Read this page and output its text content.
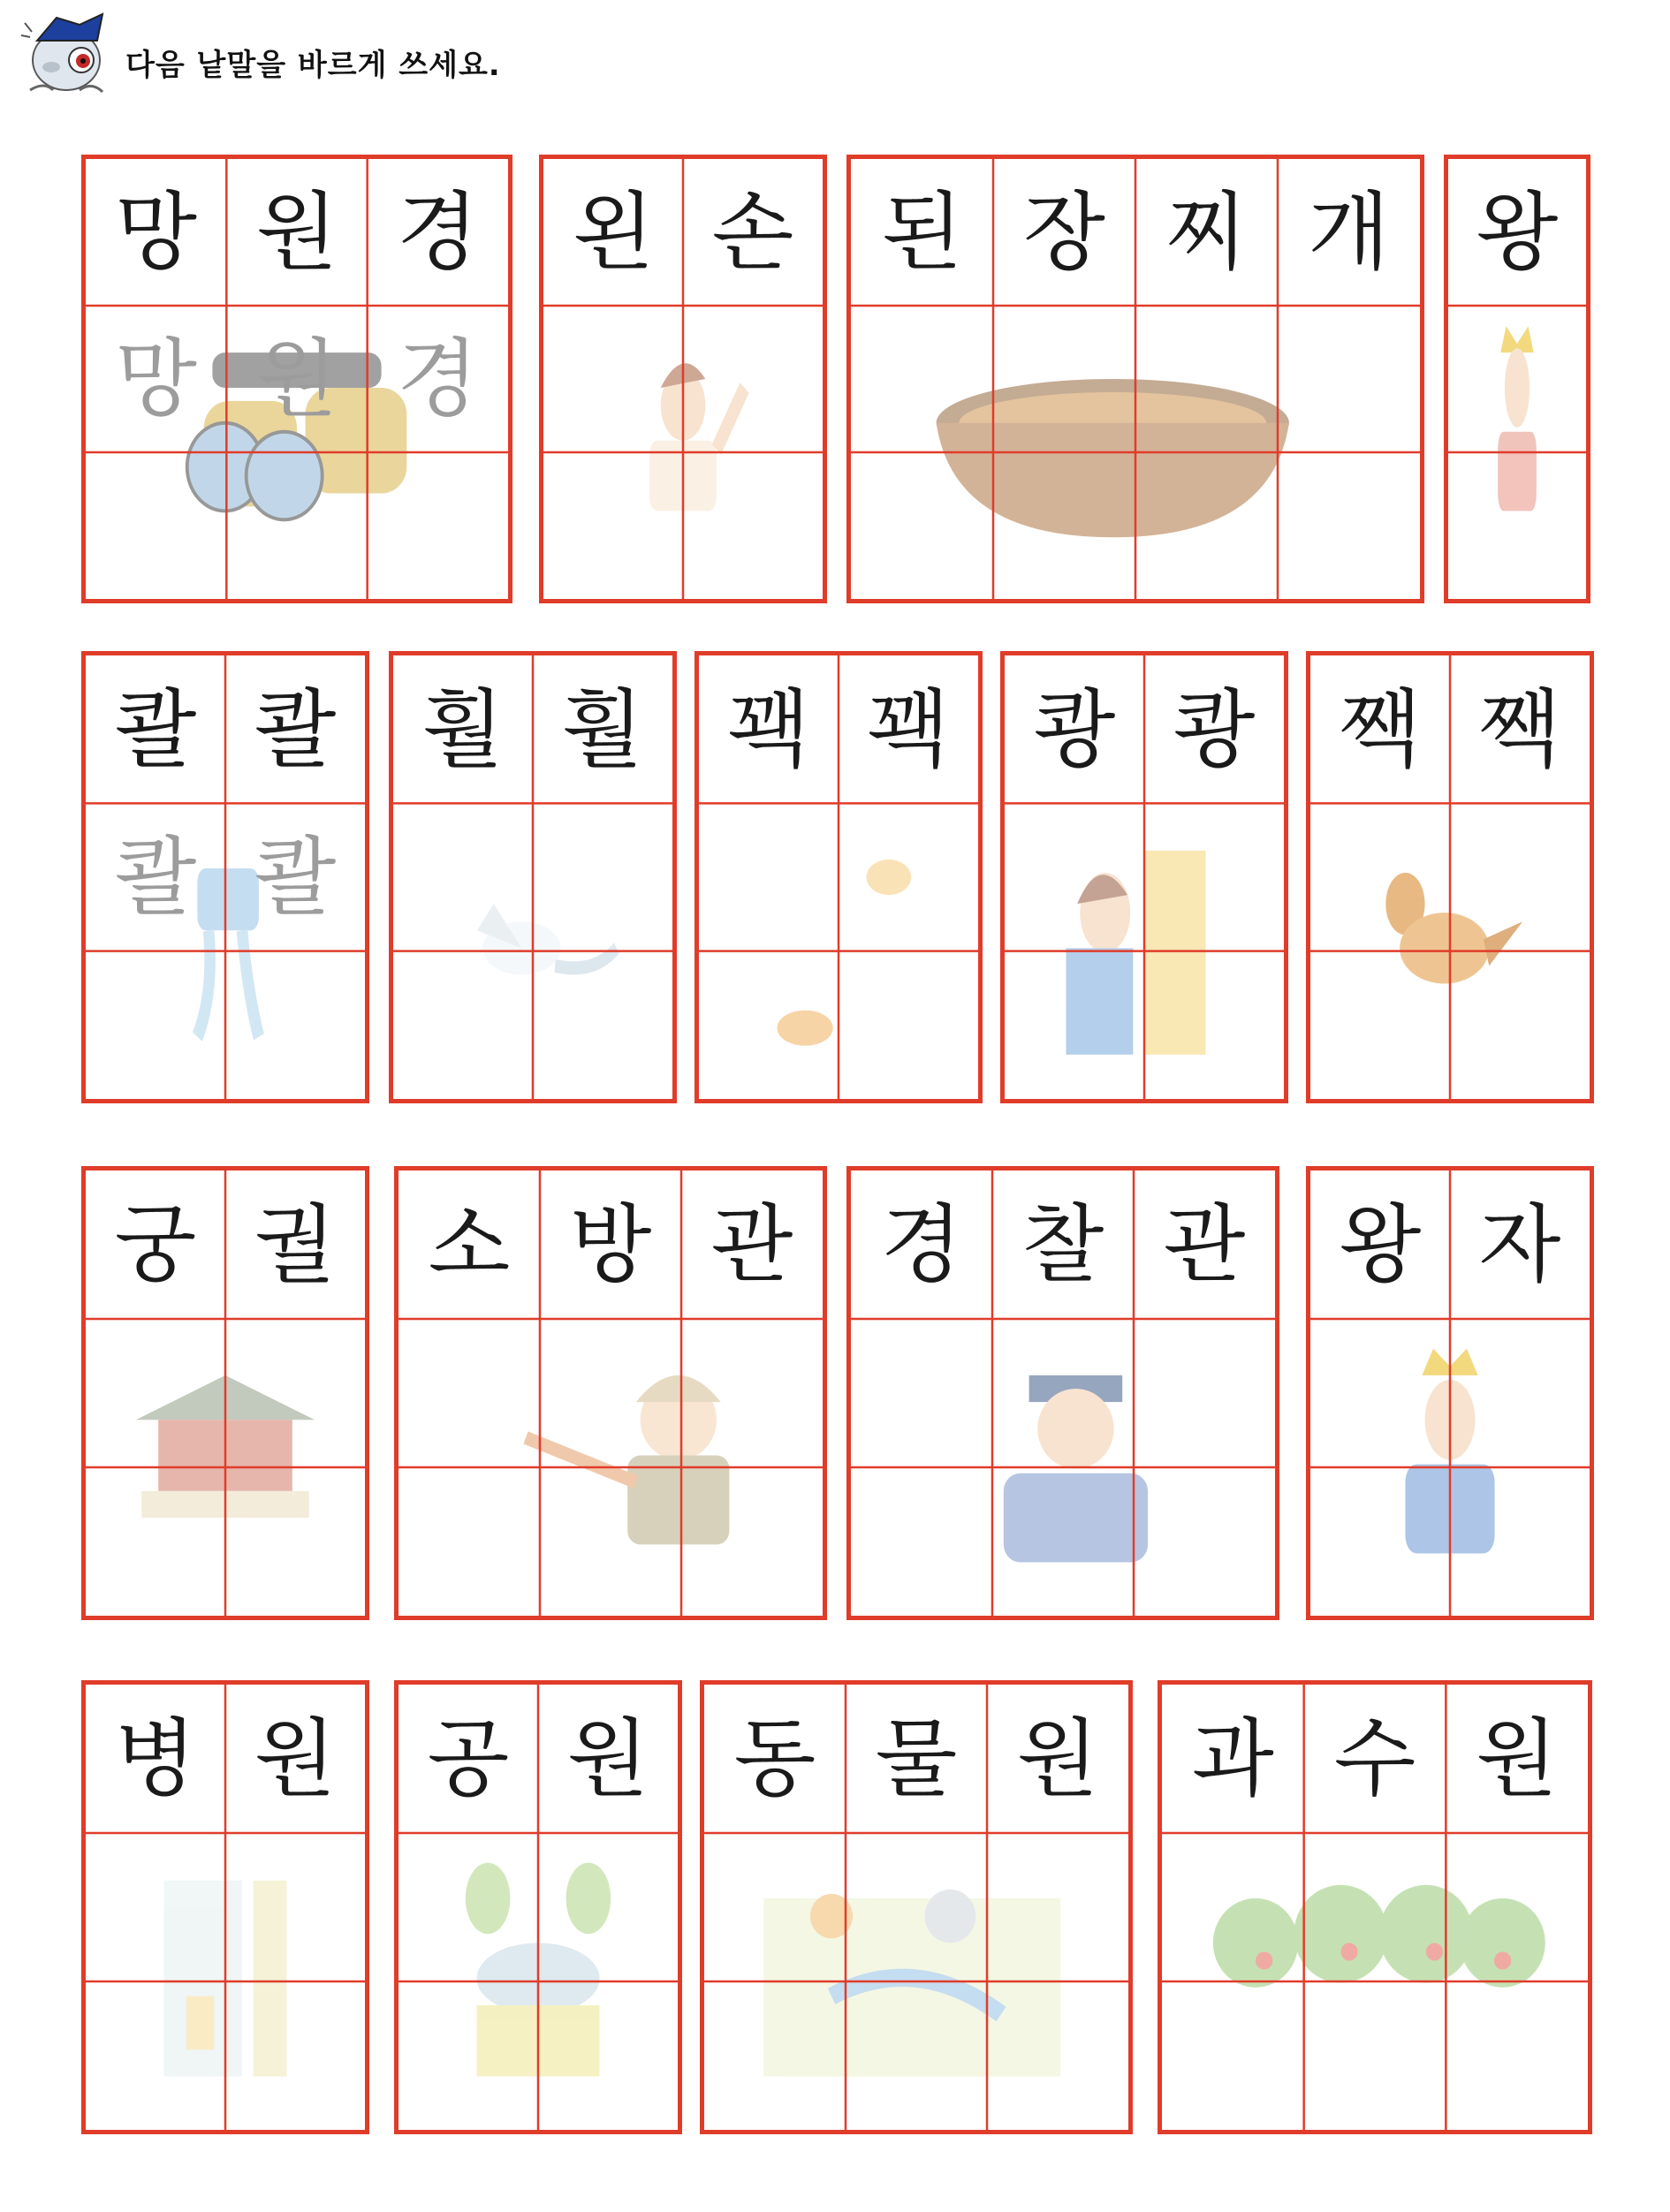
다음 낱말을 바르게 쓰세요.
망 원 경
망 원 경
왼 손	된 장 찌 개	왕
콸 콸
콸 콸
훨 훨 꽥 꽥 쾅 쾅 짹 짹
궁 궐	소 방 관	경 찰 관	왕 자
병 원	공 원	동 물 원	과 수 원
